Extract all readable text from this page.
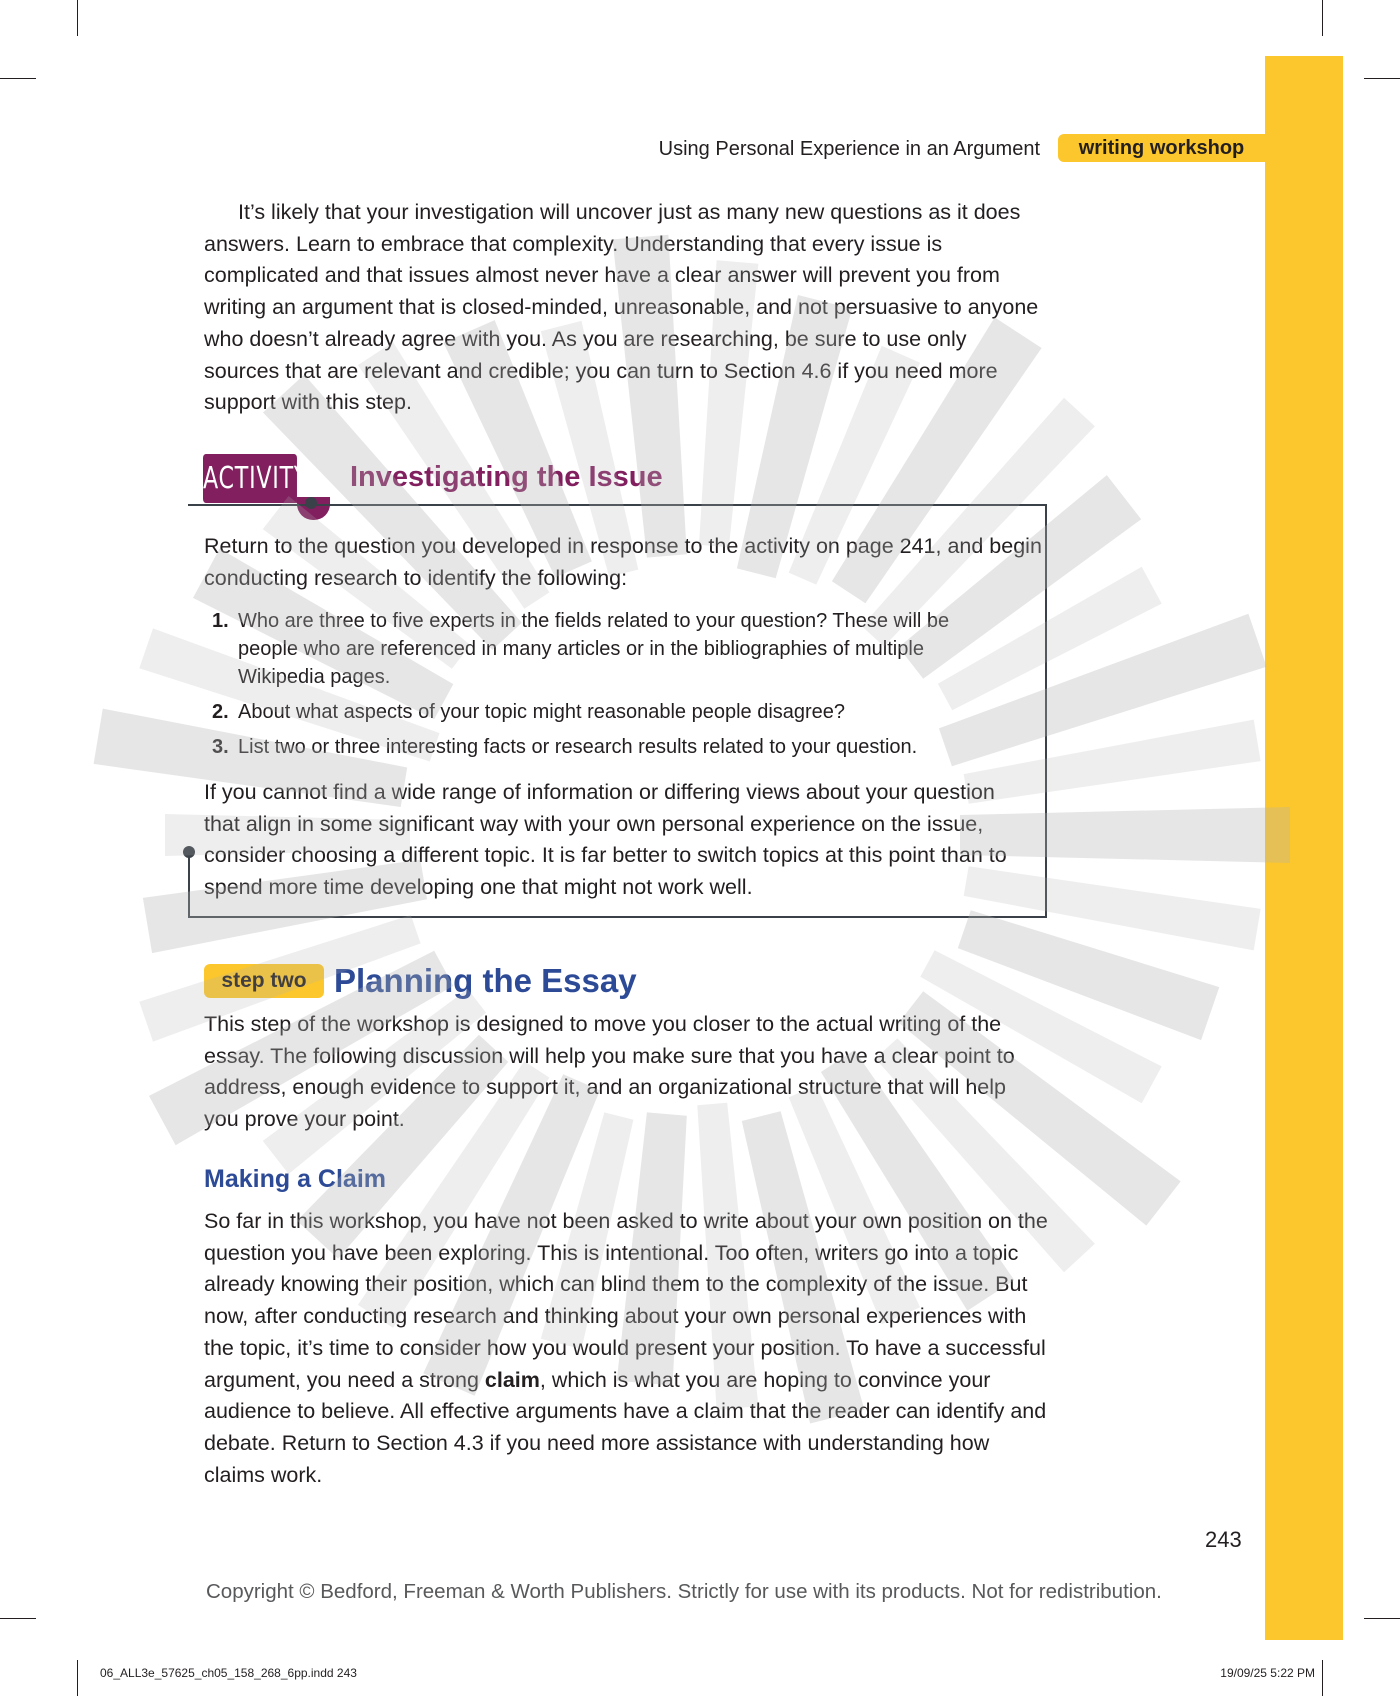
Using Personal Experience in an Argument	writing workshop

It’s likely that your investigation will uncover just as many new questions as it does answers. Learn to embrace that complexity. Understanding that every issue is complicated and that issues almost never have a clear answer will prevent you from writing an argument that is closed-minded, unreasonable, and not persuasive to anyone who doesn’t already agree with you. As you are researching, be sure to use only sources that are relevant and credible; you can turn to Section 4.6 if you need more support with this step.

ACTIVITY Investigating the Issue

Return to the question you developed in response to the activity on page 241, and begin conducting research to identify the following:

1. Who are three to five experts in the fields related to your question? These will be people who are referenced in many articles or in the bibliographies of multiple Wikipedia pages.
2. About what aspects of your topic might reasonable people disagree?
3. List two or three interesting facts or research results related to your question.

If you cannot find a wide range of information or differing views about your question that align in some significant way with your own personal experience on the issue, consider choosing a different topic. It is far better to switch topics at this point than to spend more time developing one that might not work well.

step two Planning the Essay

This step of the workshop is designed to move you closer to the actual writing of the essay. The following discussion will help you make sure that you have a clear point to address, enough evidence to support it, and an organizational structure that will help you prove your point.

Making a Claim

So far in this workshop, you have not been asked to write about your own position on the question you have been exploring. This is intentional. Too often, writers go into a topic already knowing their position, which can blind them to the complexity of the issue. But now, after conducting research and thinking about your own personal experiences with the topic, it’s time to consider how you would present your position. To have a successful argument, you need a strong claim, which is what you are hoping to convince your audience to believe. All effective arguments have a claim that the reader can identify and debate. Return to Section 4.3 if you need more assistance with understanding how claims work.

243
Copyright © Bedford, Freeman & Worth Publishers. Strictly for use with its products. Not for redistribution.
06_ALL3e_57625_ch05_158_268_6pp.indd 243	19/09/25 5:22 PM
